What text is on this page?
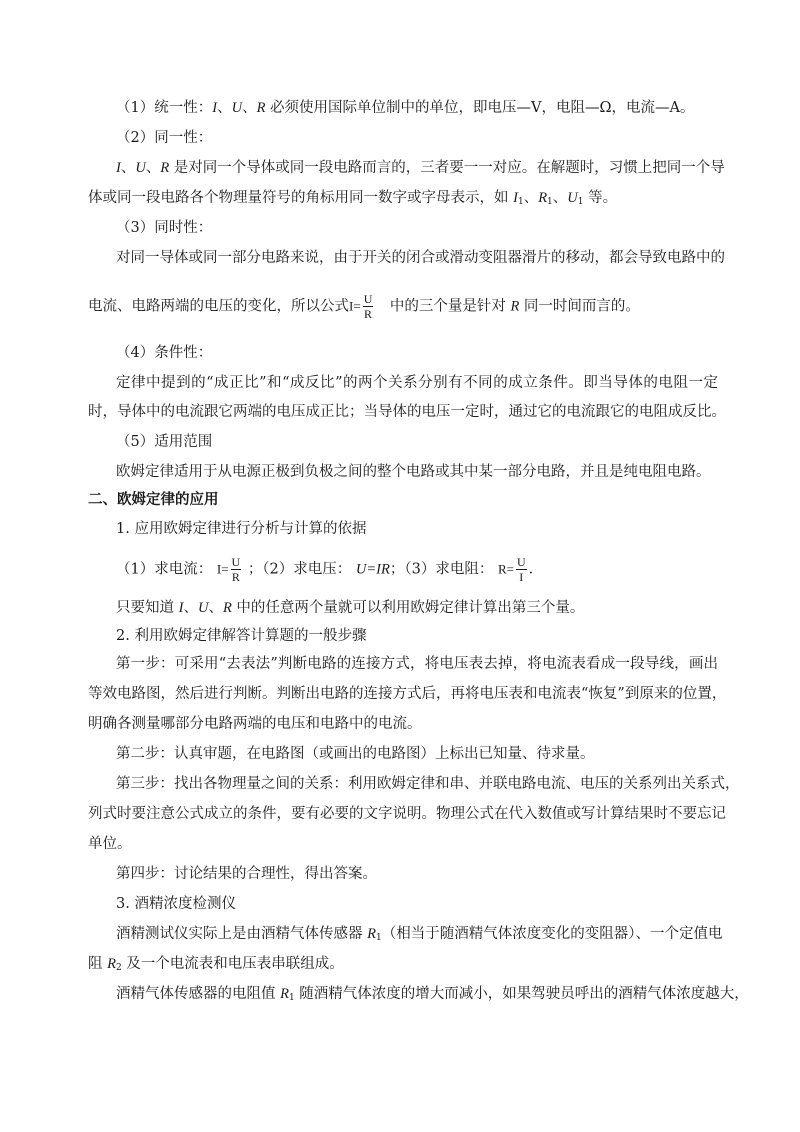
（1）统一性：I、U、R 必须使用国际单位制中的单位，即电压—V，电阻—Ω，电流—A。
（2）同一性：
I、U、R 是对同一个导体或同一段电路而言的，三者要一一对应。在解题时，习惯上把同一个导
体或同一段电路各个物理量符号的角标用同一数字或字母表示，如 $I_1$、$R_1$、$U_1$ 等。
（3）同时性：
对同一导体或同一部分电路来说，由于开关的闭合或滑动变阻器滑片的移动，都会导致电路中的
电流、电路两端的电压的变化，所以公式$I= \frac{U}{R}$ 　中的三个量是针对 R 同一时间而言的。
（4）条件性：
定律中提到的“成正比”和“成反比”的两个关系分别有不同的成立条件。即当导体的电阻一定
时，导体中的电流跟它两端的电压成正比；当导体的电压一定时，通过它的电流跟它的电阻成反比。
（5）适用范围
欧姆定律适用于从电源正极到负极之间的整个电路或其中某一部分电路，并且是纯电阻电路。
二、欧姆定律的应用
1. 应用欧姆定律进行分析与计算的依据
（1）求电流： $I= \frac{U}{R}$ ；（2）求电压： U=IR；（3）求电阻： $R= \frac{U}{I}$ ．
只要知道 I、U、R 中的任意两个量就可以利用欧姆定律计算出第三个量。
2. 利用欧姆定律解答计算题的一般步骤
第一步：可采用“去表法”判断电路的连接方式，将电压表去掉，将电流表看成一段导线，画出
等效电路图，然后进行判断。判断出电路的连接方式后，再将电压表和电流表“恢复”到原来的位置，
明确各测量哪部分电路两端的电压和电路中的电流。
第二步：认真审题，在电路图（或画出的电路图）上标出已知量、待求量。
第三步：找出各物理量之间的关系：利用欧姆定律和串、并联电路电流、电压的关系列出关系式，
列式时要注意公式成立的条件，要有必要的文字说明。物理公式在代入数值或写计算结果时不要忘记
单位。
第四步：讨论结果的合理性，得出答案。
3. 酒精浓度检测仪
酒精测试仪实际上是由酒精气体传感器 $R_1$（相当于随酒精气体浓度变化的变阻器）、一个定值电
阻 $R_2$ 及一个电流表和电压表串联组成。
酒精气体传感器的电阻值 $R_1$ 随酒精气体浓度的增大而减小，如果驾驶员呼出的酒精气体浓度越大，
